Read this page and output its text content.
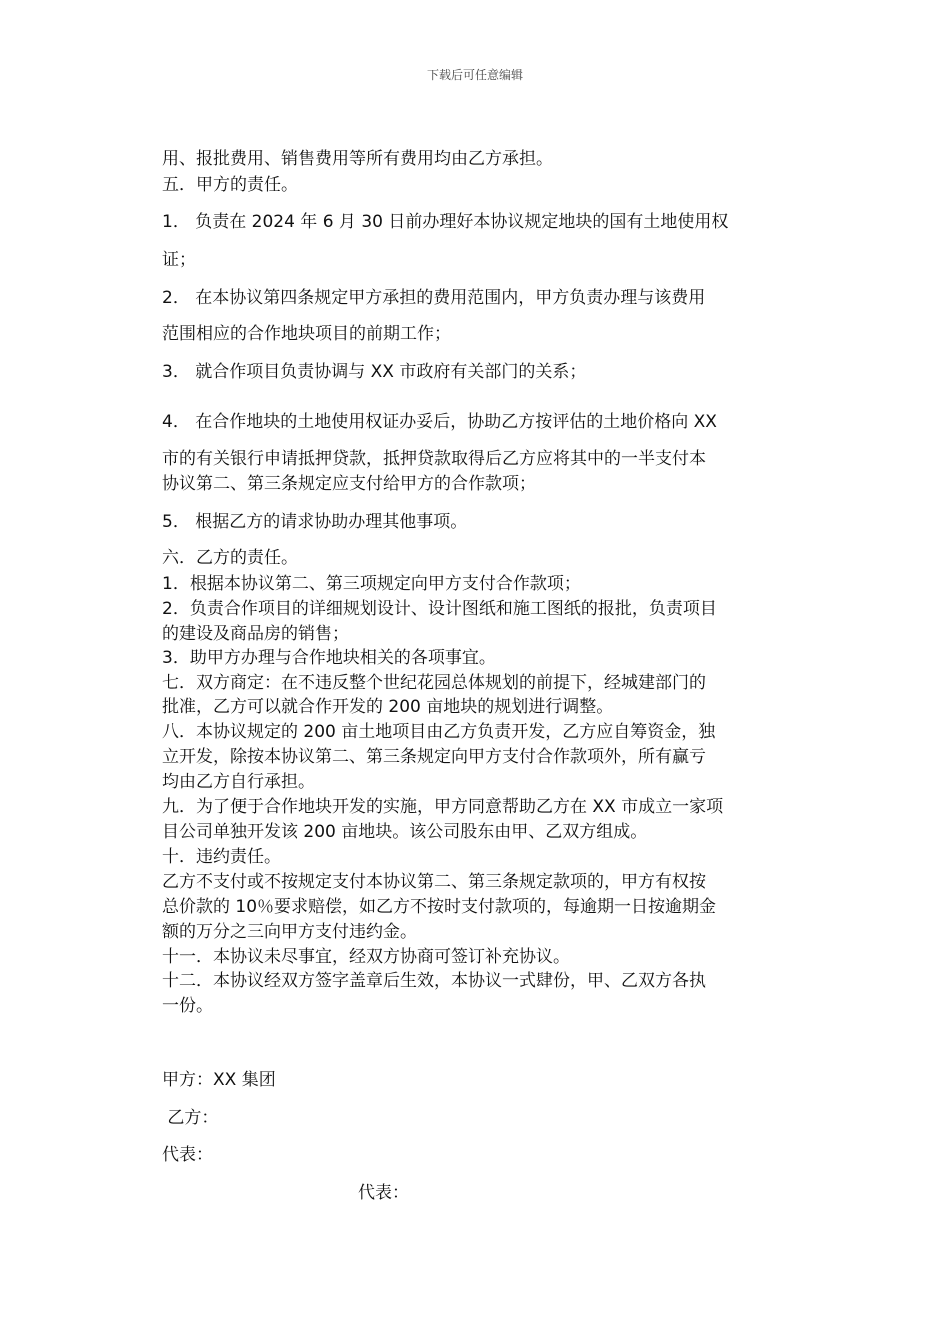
下载后可任意编辑
用、报批费用、销售费用等所有费用均由乙方承担。
五．甲方的责任。
1． 负责在 2024 年 6 月 30 日前办理好本协议规定地块的国有土地使用权
证；
2． 在本协议第四条规定甲方承担的费用范围内，甲方负责办理与该费用
范围相应的合作地块项目的前期工作；
3． 就合作项目负责协调与 XX 市政府有关部门的关系；
4． 在合作地块的土地使用权证办妥后，协助乙方按评估的土地价格向 XX
市的有关银行申请抵押贷款，抵押贷款取得后乙方应将其中的一半支付本
协议第二、第三条规定应支付给甲方的合作款项；
5． 根据乙方的请求协助办理其他事项。
六．乙方的责任。
1．根据本协议第二、第三项规定向甲方支付合作款项；
2．负责合作项目的详细规划设计、设计图纸和施工图纸的报批，负责项目
的建设及商品房的销售；
3．助甲方办理与合作地块相关的各项事宜。
七．双方商定：在不违反整个世纪花园总体规划的前提下，经城建部门的
批准，乙方可以就合作开发的 200 亩地块的规划进行调整。
八．本协议规定的 200 亩土地项目由乙方负责开发，乙方应自筹资金，独
立开发，除按本协议第二、第三条规定向甲方支付合作款项外，所有赢亏
均由乙方自行承担。
九．为了便于合作地块开发的实施，甲方同意帮助乙方在 XX 市成立一家项
目公司单独开发该 200 亩地块。该公司股东由甲、乙双方组成。
十．违约责任。
乙方不支付或不按规定支付本协议第二、第三条规定款项的，甲方有权按
总价款的 10％要求赔偿，如乙方不按时支付款项的，每逾期一日按逾期金
额的万分之三向甲方支付违约金。
十一．本协议未尽事宜，经双方协商可签订补充协议。
十二．本协议经双方签字盖章后生效，本协议一式肆份，甲、乙双方各执
一份。
甲方：XX 集团
乙方：
代表：
代表：
